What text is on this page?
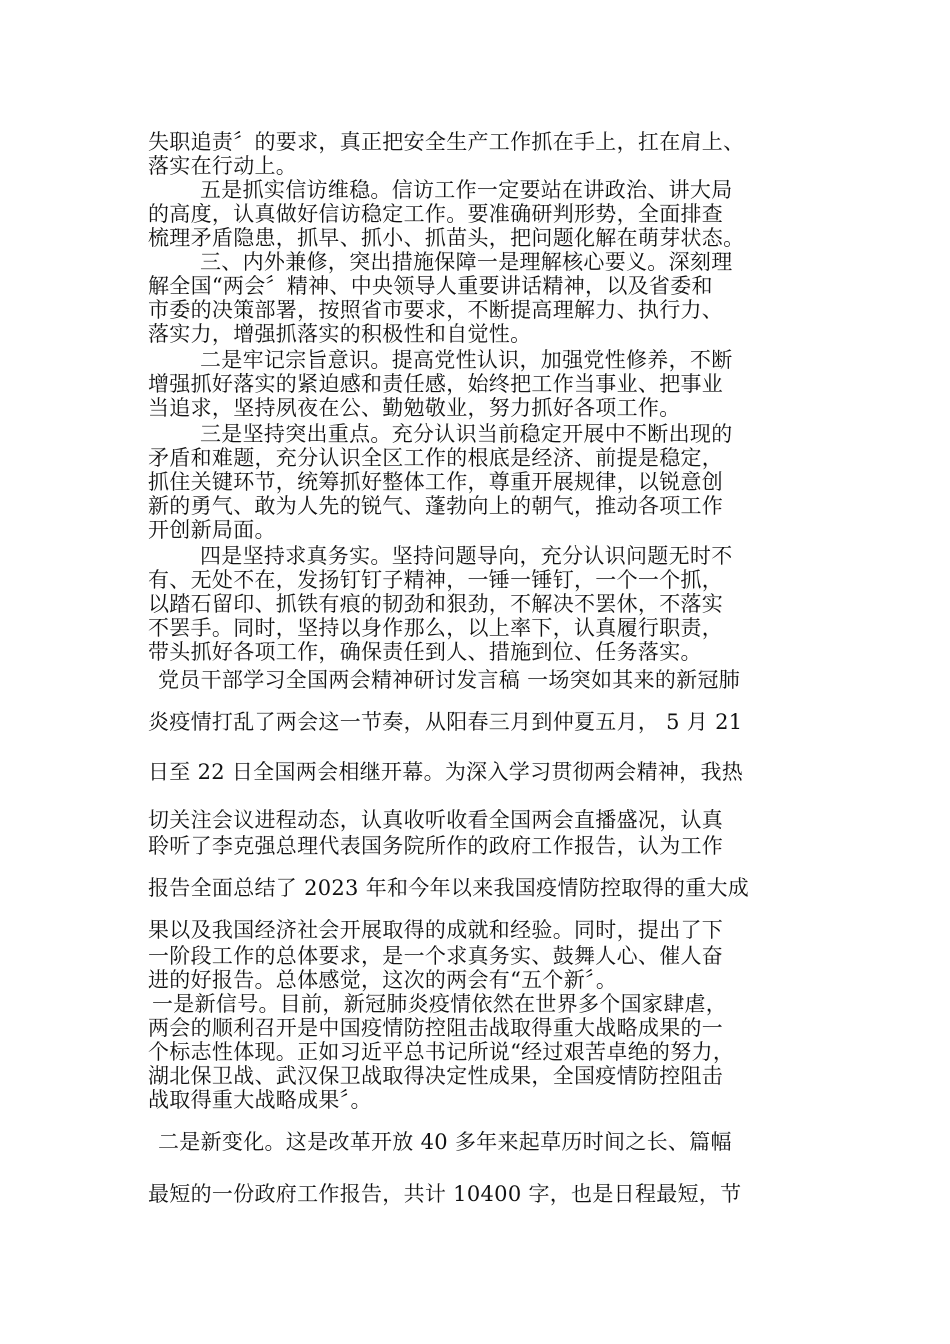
失职追责〞的要求，真正把安全生产工作抓在手上，扛在肩上、
落实在行动上。
五是抓实信访维稳。信访工作一定要站在讲政治、讲大局
的高度，认真做好信访稳定工作。要准确研判形势，全面排查
梳理矛盾隐患，抓早、抓小、抓苗头，把问题化解在萌芽状态。
三、内外兼修，突出措施保障一是理解核心要义。深刻理
解全国“两会〞精神、中央领导人重要讲话精神，以及省委和
市委的决策部署，按照省市要求，不断提高理解力、执行力、
落实力，增强抓落实的积极性和自觉性。
二是牢记宗旨意识。提高党性认识，加强党性修养，不断
增强抓好落实的紧迫感和责任感，始终把工作当事业、把事业
当追求，坚持夙夜在公、勤勉敬业，努力抓好各项工作。
三是坚持突出重点。充分认识当前稳定开展中不断出现的
矛盾和难题，充分认识全区工作的根底是经济、前提是稳定，
抓住关键环节，统筹抓好整体工作，尊重开展规律，以锐意创
新的勇气、敢为人先的锐气、蓬勃向上的朝气，推动各项工作
开创新局面。
四是坚持求真务实。坚持问题导向，充分认识问题无时不
有、无处不在，发扬钉钉子精神，一锤一锤钉，一个一个抓，
以踏石留印、抓铁有痕的韧劲和狠劲，不解决不罢休，不落实
不罢手。同时，坚持以身作那么，以上率下，认真履行职责，
带头抓好各项工作，确保责任到人、措施到位、任务落实。
党员干部学习全国两会精神研讨发言稿 一场突如其来的新冠肺
炎疫情打乱了两会这一节奏，从阳春三月到仲夏五月， 5 月 21
日至 22 日全国两会相继开幕。为深入学习贯彻两会精神，我热
切关注会议进程动态，认真收听收看全国两会直播盛况，认真
聆听了李克强总理代表国务院所作的政府工作报告，认为工作
报告全面总结了 2023 年和今年以来我国疫情防控取得的重大成
果以及我国经济社会开展取得的成就和经验。同时，提出了下
一阶段工作的总体要求，是一个求真务实、鼓舞人心、催人奋
进的好报告。总体感觉，这次的两会有“五个新〞。
一是新信号。目前，新冠肺炎疫情依然在世界多个国家肆虐，
两会的顺利召开是中国疫情防控阻击战取得重大战略成果的一
个标志性体现。正如习近平总书记所说“经过艰苦卓绝的努力，
湖北保卫战、武汉保卫战取得决定性成果，全国疫情防控阻击
战取得重大战略成果〞。
二是新变化。这是改革开放 40 多年来起草历时间之长、篇幅
最短的一份政府工作报告，共计 10400 字，也是日程最短，节
